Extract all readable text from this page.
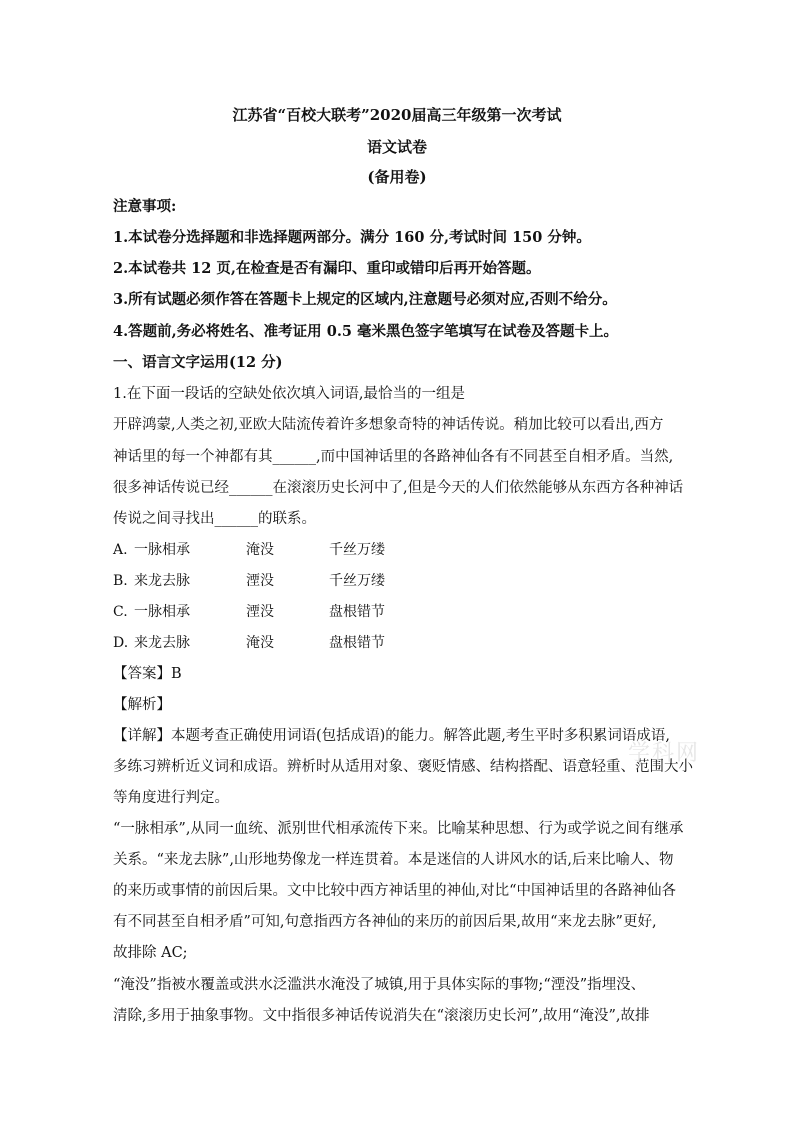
江苏省“百校大联考”2020届高三年级第一次考试
语文试卷
(备用卷)
注意事项:
1.本试卷分选择题和非选择题两部分。满分 160 分,考试时间 150 分钟。
2.本试卷共 12 页,在检查是否有漏印、重印或错印后再开始答题。
3.所有试题必须作答在答题卡上规定的区域内,注意题号必须对应,否则不给分。
4.答题前,务必将姓名、准考证用 0.5 毫米黑色签字笔填写在试卷及答题卡上。
一、语言文字运用(12 分)
1.在下面一段话的空缺处依次填入词语,最恰当的一组是
开辟鸿蒙,人类之初,亚欧大陆流传着许多想象奇特的神话传说。稍加比较可以看出,西方
神话里的每一个神都有其______,而中国神话里的各路神仙各有不同甚至自相矛盾。当然,
很多神话传说已经______在滚滚历史长河中了,但是今天的人们依然能够从东西方各种神话
传说之间寻找出______的联系。
A. 一脉相承	淹没	千丝万缕
B. 来龙去脉	湮没	千丝万缕
C. 一脉相承	湮没	盘根错节
D. 来龙去脉	淹没	盘根错节
【答案】B
【解析】
【详解】本题考查正确使用词语(包括成语)的能力。解答此题,考生平时多积累词语成语,
多练习辨析近义词和成语。辨析时从适用对象、褒贬情感、结构搭配、语意轻重、范围大小
等角度进行判定。
“一脉相承”,从同一血统、派别世代相承流传下来。比喻某种思想、行为或学说之间有继承
关系。“来龙去脉”,山形地势像龙一样连贯着。本是迷信的人讲风水的话,后来比喻人、物
的来历或事情的前因后果。文中比较中西方神话里的神仙,对比“中国神话里的各路神仙各
有不同甚至自相矛盾”可知,句意指西方各神仙的来历的前因后果,故用“来龙去脉”更好,
故排除 AC;
“淹没”指被水覆盖或洪水泛滥洪水淹没了城镇,用于具体实际的事物;“湮没”指埋没、
清除,多用于抽象事物。文中指很多神话传说消失在“滚滚历史长河”,故用“淹没”,故排
学科网
